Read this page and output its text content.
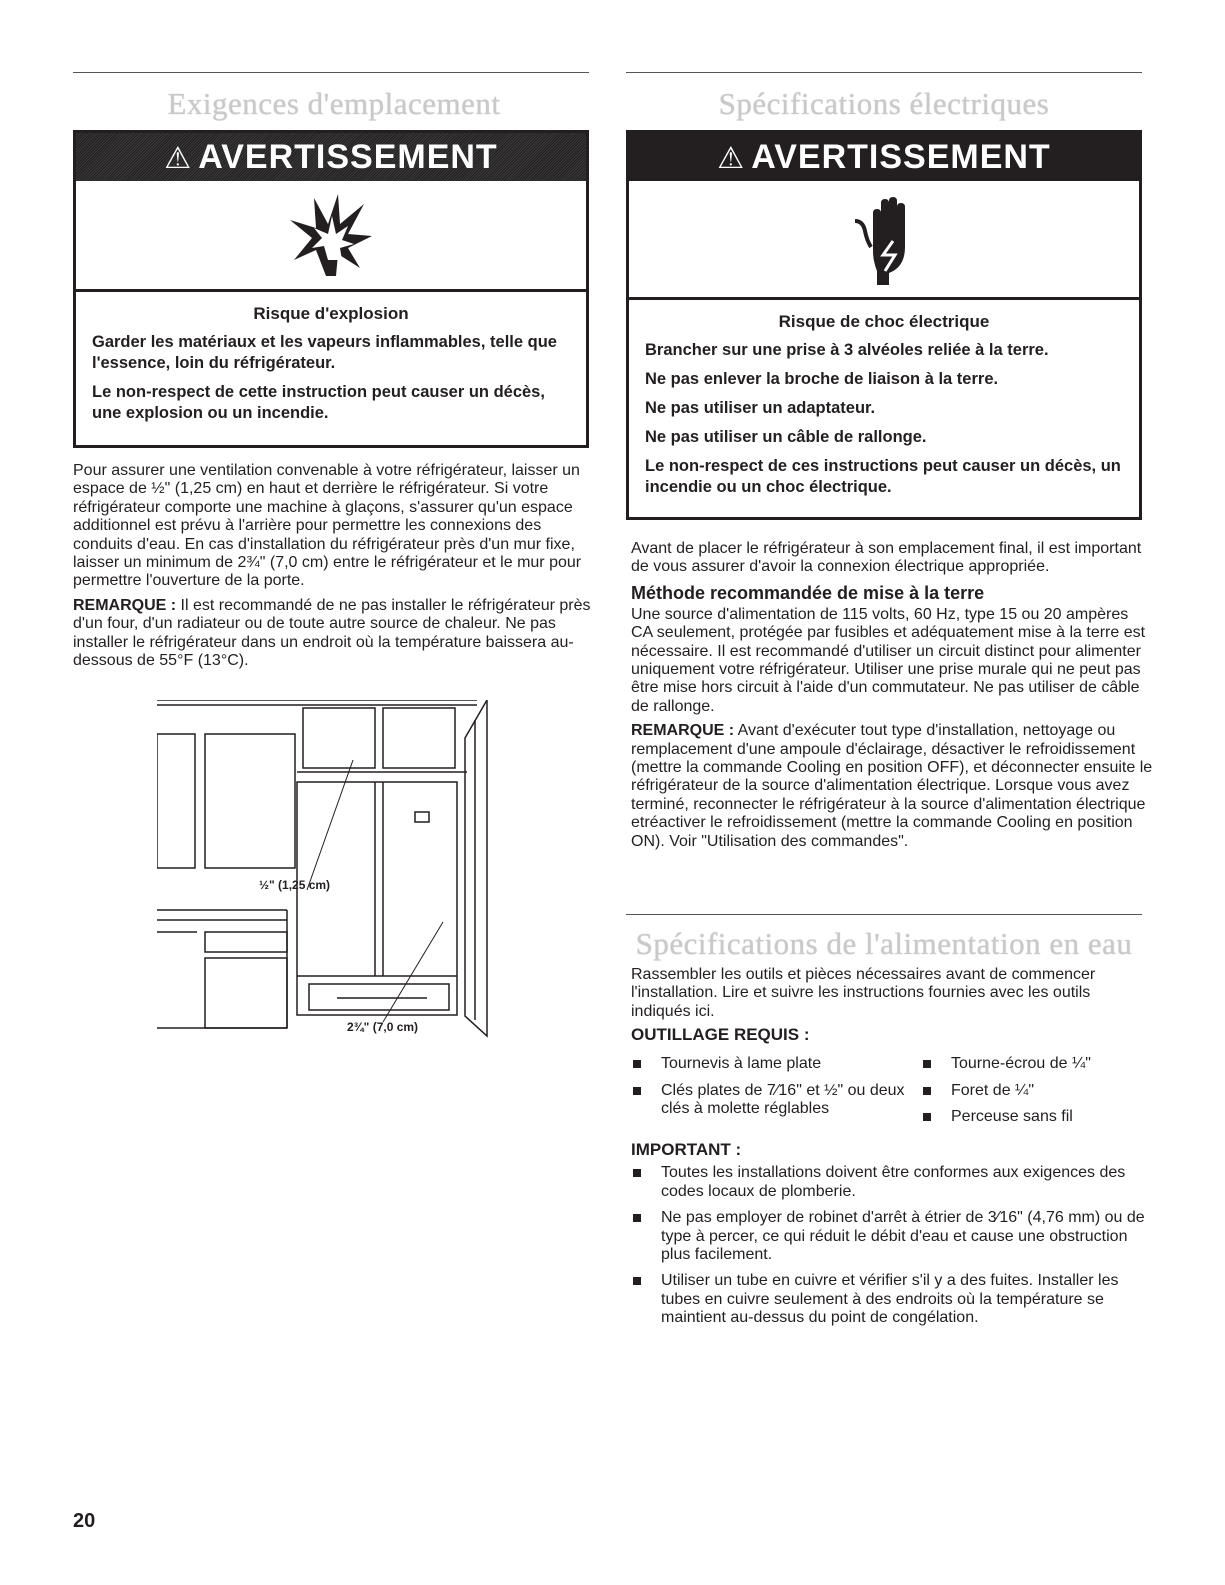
Exigences d'emplacement
⚠ AVERTISSEMENT
Risque d'explosion

Garder les matériaux et les vapeurs inflammables, telle que l'essence, loin du réfrigérateur.

Le non-respect de cette instruction peut causer un décès, une explosion ou un incendie.

Pour assurer une ventilation convenable à votre réfrigérateur, laisser un espace de ½" (1,25 cm) en haut et derrière le réfrigérateur. Si votre réfrigérateur comporte une machine à glaçons, s'assurer qu'un espace additionnel est prévu à l'arrière pour permettre les connexions des conduits d'eau. En cas d'installation du réfrigérateur près d'un mur fixe, laisser un minimum de 2¾" (7,0 cm) entre le réfrigérateur et le mur pour permettre l'ouverture de la porte.

REMARQUE : Il est recommandé de ne pas installer le réfrigérateur près d'un four, d'un radiateur ou de toute autre source de chaleur. Ne pas installer le réfrigérateur dans un endroit où la température baissera au-dessous de 55°F (13°C).

½" (1,25 cm)
2¾" (7,0 cm)
Spécifications électriques
⚠ AVERTISSEMENT
Risque de choc électrique

Brancher sur une prise à 3 alvéoles reliée à la terre.

Ne pas enlever la broche de liaison à la terre.

Ne pas utiliser un adaptateur.

Ne pas utiliser un câble de rallonge.

Le non-respect de ces instructions peut causer un décès, un incendie ou un choc électrique.

Avant de placer le réfrigérateur à son emplacement final, il est important de vous assurer d'avoir la connexion électrique appropriée.

Méthode recommandée de mise à la terre

Une source d'alimentation de 115 volts, 60 Hz, type 15 ou 20 ampères CA seulement, protégée par fusibles et adéquatement mise à la terre est nécessaire. Il est recommandé d'utiliser un circuit distinct pour alimenter uniquement votre réfrigérateur. Utiliser une prise murale qui ne peut pas être mise hors circuit à l'aide d'un commutateur. Ne pas utiliser de câble de rallonge.

REMARQUE : Avant d'exécuter tout type d'installation, nettoyage ou remplacement d'une ampoule d'éclairage, désactiver le refroidissement (mettre la commande Cooling en position OFF), et déconnecter ensuite le réfrigérateur de la source d'alimentation électrique. Lorsque vous avez terminé, reconnecter le réfrigérateur à la source d'alimentation électrique etréactiver le refroidissement (mettre la commande Cooling en position ON). Voir "Utilisation des commandes".

Spécifications de l'alimentation en eau

Rassembler les outils et pièces nécessaires avant de commencer l'installation. Lire et suivre les instructions fournies avec les outils indiqués ici.

OUTILLAGE REQUIS :
Tournevis à lame plate
Clés plates de 7⁄16" et ½" ou deux clés à molette réglables
Tourne-écrou de ¼"
Foret de ¼"
Perceuse sans fil
IMPORTANT :
Toutes les installations doivent être conformes aux exigences des codes locaux de plomberie.
Ne pas employer de robinet d'arrêt à étrier de 3⁄16" (4,76 mm) ou de type à percer, ce qui réduit le débit d'eau et cause une obstruction plus facilement.
Utiliser un tube en cuivre et vérifier s'il y a des fuites. Installer les tubes en cuivre seulement à des endroits où la température se maintient au-dessus du point de congélation.
20
